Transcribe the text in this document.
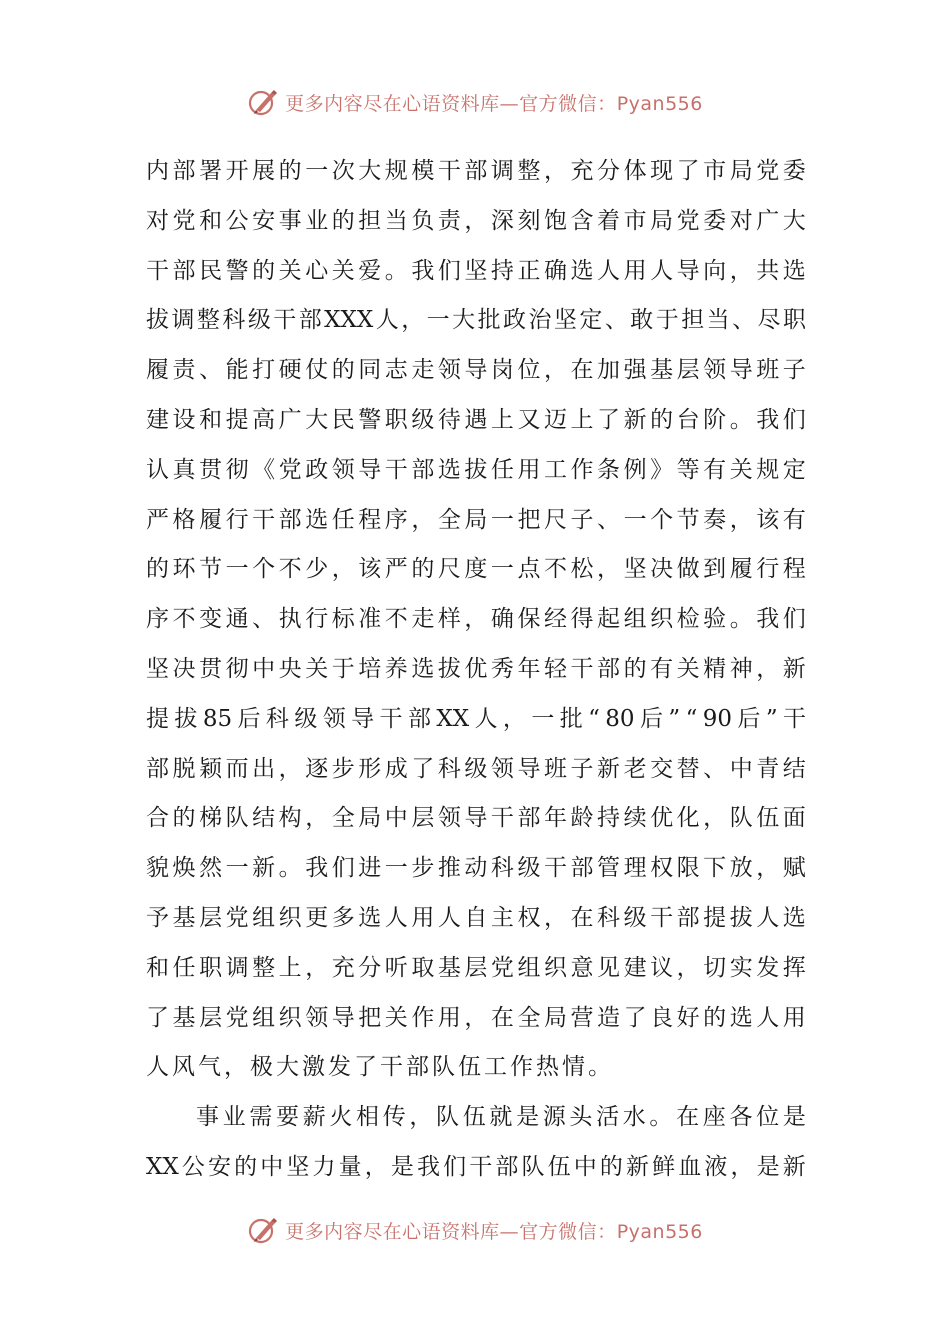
更多内容尽在心语资料库—官方微信：Pyan556
内 部 署 开 展 的 一 次 大 规 模 干 部 调 整 ， 充 分 体 现 了 市 局 党 委
对 党 和 公 安 事 业 的 担 当 负 责 ， 深 刻 饱 含 着 市 局 党 委 对 广 大
干 部 民 警 的 关 心 关 爱 。 我 们 坚 持 正 确 选 人 用 人 导 向 ， 共 选
拔 调 整 科 级 干 部 XXX 人 ， 一 大 批 政 治 坚 定 、 敢 于 担 当 、 尽 职
履 责 、 能 打 硬 仗 的 同 志 走 领 导 岗 位 ， 在 加 强 基 层 领 导 班 子
建 设 和 提 高 广 大 民 警 职 级 待 遇 上 又 迈 上 了 新 的 台 阶 。 我 们
认 真 贯 彻 《 党 政 领 导 干 部 选 拔 任 用 工 作 条 例 》 等 有 关 规 定
严 格 履 行 干 部 选 任 程 序 ， 全 局 一 把 尺 子 、 一 个 节 奏 ， 该 有
的 环 节 一 个 不 少 ， 该 严 的 尺 度 一 点 不 松 ， 坚 决 做 到 履 行 程
序 不 变 通 、 执 行 标 准 不 走 样 ， 确 保 经 得 起 组 织 检 验 。 我 们
坚 决 贯 彻 中 央 关 于 培 养 选 拔 优 秀 年 轻 干 部 的 有 关 精 神 ， 新
提 拔 85 后 科 级 领 导 干 部 XX 人 ， 一 批 “ 80 后 ” “ 90 后 ” 干
部 脱 颖 而 出 ， 逐 步 形 成 了 科 级 领 导 班 子 新 老 交 替 、 中 青 结
合 的 梯 队 结 构 ， 全 局 中 层 领 导 干 部 年 龄 持 续 优 化 ， 队 伍 面
貌 焕 然 一 新 。 我 们 进 一 步 推 动 科 级 干 部 管 理 权 限 下 放 ， 赋
予 基 层 党 组 织 更 多 选 人 用 人 自 主 权 ， 在 科 级 干 部 提 拔 人 选
和 任 职 调 整 上 ， 充 分 听 取 基 层 党 组 织 意 见 建 议 ， 切 实 发 挥
了 基 层 党 组 织 领 导 把 关 作 用 ， 在 全 局 营 造 了 良 好 的 选 人 用
人风气，极大激发了干部队伍工作热情。
事 业 需 要 薪 火 相 传 ， 队 伍 就 是 源 头 活 水 。 在 座 各 位 是
XX 公 安 的 中 坚 力 量 ， 是 我 们 干 部 队 伍 中 的 新 鲜 血 液 ， 是 新
更多内容尽在心语资料库—官方微信：Pyan556
